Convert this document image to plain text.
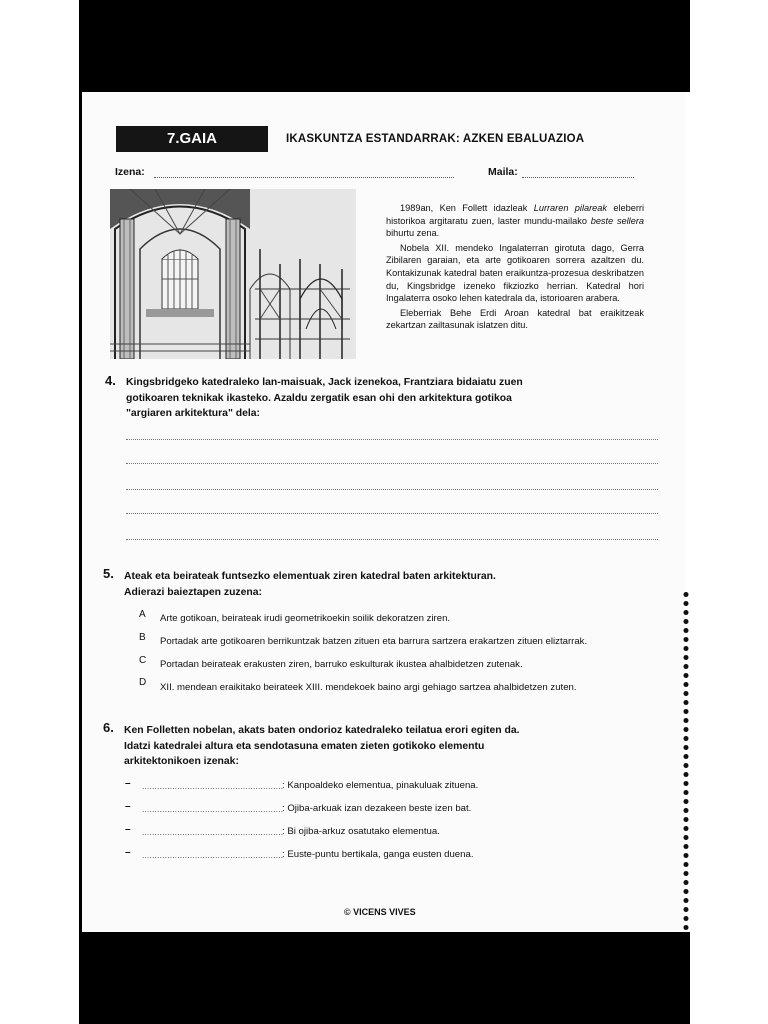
7.GAIA	IKASKUNTZA ESTANDARRAK: AZKEN EBALUAZIOA
Izena:	Maila:

1989an, Ken Follett idazleak Lurraren pilareak eleberri historikoa argitaratu zuen, laster mundu-mailako beste sellera bihurtu zena.

Nobela XII. mendeko Ingalaterran girotuta dago, Gerra Zibilaren garaian, eta arte gotikoaren sorrera azaltzen du. Kontakizunak katedral baten eraikuntza-prozesua deskribatzen du, Kingsbridge izeneko fikziozko herrian. Katedral hori Ingalaterra osoko lehen katedrala da, istorioaren arabera.

Eleberriak Behe Erdi Aroan katedral bat eraikitzeak zekartzan zailtasunak islatzen ditu.

4. Kingsbridgeko katedraleko lan-maisuak, Jack izenekoa, Frantziara bidaiatu zuen
gotikoaren teknikak ikasteko. Azaldu zergatik esan ohi den arkitektura gotikoa
"argiaren arkitektura" dela:
5. Ateak eta beirateak funtsezko elementuak ziren katedral baten arkitekturan.
Adierazi baieztapen zuzena:
A Arte gotikoan, beirateak irudi geometrikoekin soilik dekoratzen ziren.
B Portadak arte gotikoaren berrikuntzak batzen zituen eta barrura sartzera erakartzen zituen eliztarrak.
C Portadan beirateak erakusten ziren, barruko eskulturak ikustea ahalbidetzen zutenak.
D XII. mendean eraikitako beirateek XIII. mendekoek baino argi gehiago sartzea ahalbidetzen zuten.
6. Ken Folletten nobelan, akats baten ondorioz katedraleko teilatua erori egiten da.
Idatzi katedralei altura eta sendotasuna ematen zieten gotikoko elementu
arkitektonikoen izenak:
– ........................................................
: Kanpoaldeko elementua, pinakuluak zituena.
– ........................................................
: Ojiba-arkuak izan dezakeen beste izen bat.
– ........................................................
: Bi ojiba-arkuz osatutako elementua.
– ........................................................
: Euste-puntu bertikala, ganga eusten duena.
© VICENS VIVES
